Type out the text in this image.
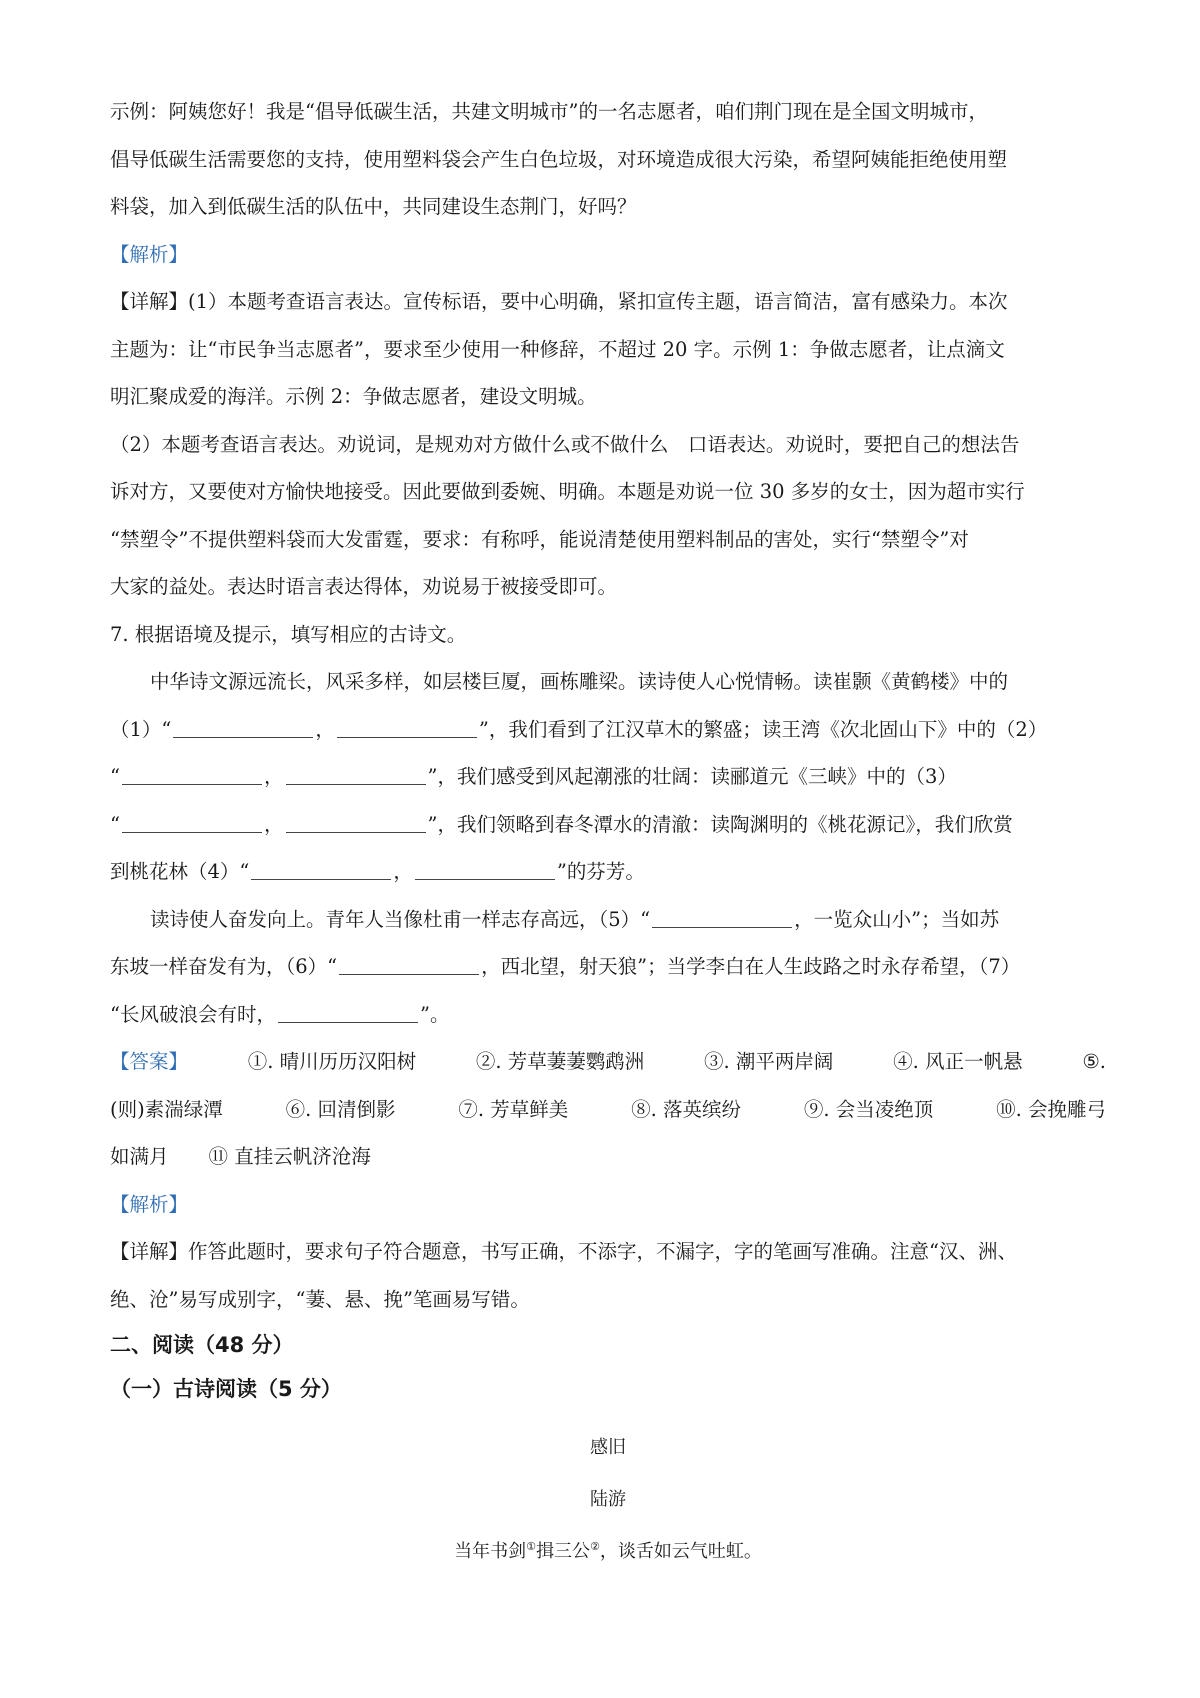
示例：阿姨您好！我是“倡导低碳生活，共建文明城市”的一名志愿者，咱们荆门现在是全国文明城市，

倡导低碳生活需要您的支持，使用塑料袋会产生白色垃圾，对环境造成很大污染，希望阿姨能拒绝使用塑

料袋，加入到低碳生活的队伍中，共同建设生态荆门，好吗？

【解析】

【详解】(1）本题考查语言表达。宣传标语，要中心明确，紧扣宣传主题，语言简洁，富有感染力。本次

主题为：让“市民争当志愿者”，要求至少使用一种修辞，不超过 20 字。示例 1：争做志愿者，让点滴文

明汇聚成爱的海洋。示例 2：争做志愿者，建设文明城。

（2）本题考查语言表达。劝说词，是规劝对方做什么或不做什么　口语表达。劝说时，要把自己的想法告

诉对方，又要使对方愉快地接受。因此要做到委婉、明确。本题是劝说一位 30 多岁的女士，因为超市实行

“禁塑令”不提供塑料袋而大发雷霆，要求：有称呼，能说清楚使用塑料制品的害处，实行“禁塑令”对

大家的益处。表达时语言表达得体，劝说易于被接受即可。

7. 根据语境及提示，填写相应的古诗文。

中华诗文源远流长，风采多样，如层楼巨厦，画栋雕梁。读诗使人心悦情畅。读崔颢《黄鹤楼》中的

（1）“	，	”，我们看到了江汉草木的繁盛；读王湾《次北固山下》中的（2）

“	，	”，我们感受到风起潮涨的壮阔：读郦道元《三峡》中的（3）

“	，	”，我们领略到春冬潭水的清澈：读陶渊明的《桃花源记》，我们欣赏

到桃花林（4）“	，	”的芬芳。

读诗使人奋发向上。青年人当像杜甫一样志存高远，（5）“	，一览众山小”；当如苏

东坡一样奋发有为，（6）“	，西北望，射天狼”；当学李白在人生歧路之时永存希望，（7）

“长风破浪会有时，	”。

【答案】	①. 晴川历历汉阳树	②. 芳草萋萋鹦鹉洲	③. 潮平两岸阔	④. 风正一帆悬	⑤.

(则)素湍绿潭	⑥. 回清倒影	⑦. 芳草鲜美	⑧. 落英缤纷	⑨. 会当凌绝顶	⑩. 会挽雕弓

如满月 ⑪ 直挂云帆济沧海

【解析】

【详解】作答此题时，要求句子符合题意，书写正确，不添字，不漏字，字的笔画写准确。注意“汉、洲、

绝、沧”易写成别字，“萋、悬、挽”笔画易写错。

二、阅读（48 分）

（一）古诗阅读（5 分）

感旧

陆游

当年书剑①揖三公②，谈舌如云气吐虹。
